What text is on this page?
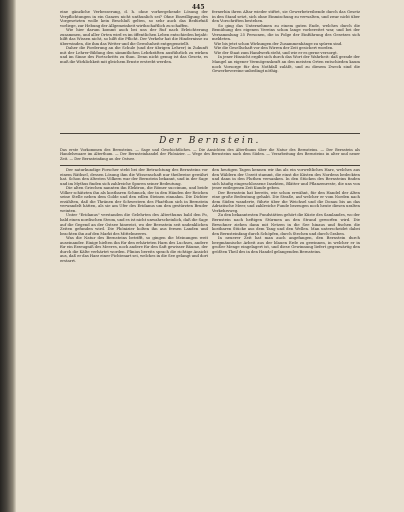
445

eine gänzliche Verbesserung, d. h. ohne vorhergehende Lösung der Verpflichtungen in ein Ganzes nicht unthunlich sei? Ohne Einwilligung des Vorgesetzten wolle kein Beschluß gelten, so sehr auch das Bedürfniß vorliege, zur Hebung der Allgemeinheit wirthschaftlich zu schaffen.

Wie hier darum kommt auch bei uns der Ruf nach Erleichterung zusammen, und aller Orten wird es im öffentlichen Leben entschieden bejaht: hilft das Wissen nicht, so hilft die Pflicht. Der Verkehr hat die Hindernisse zu überwinden, die ihm das Wetter und die Gewohnheit entgegenstellt.

Daher die Forderung an die Schule (und der übrigen Lehrer) in Zukunft mit der Lehrer-Bildung den sämmtlichen Lehrkräften ausführlich zu wirken und im Sinne des Fortschritts zu thun. Denn nicht genug ist das Gesetz, es muß die Wirklichkeit mit gleichem Ernste erstrebt werden.

fernerhin ihren Altar wieder stiftet, sie Gewerbetreibende durch das Gesetz in den Stand setzt, sich ohne Einmischung zu verwalten, und zwar nicht über den Vorschriften bestehen.

So ging das Unternehmen zu einem guten Ende, welches durch die Bemühung des eigenen Vereins schon lange vorbereitet war, und bei der Versammlung 25 Personen, die in Folge der Einführung des Gesetzes sich meldeten.

Wie bis jetzt schon Wirkungen der Zusammenhänge zu spüren sind.
Wie die Gesellschaft vor den Wirren der Zeit gesichert worden.
Wie der Staat zum Handwerk steht, und wie er es gerne versorgt.

In jener Hinsicht ergibt sich durch das Wort der Wahrheit: daß gerade der Mangel an eigener Vermögenskraft an den meisten Orten entschieden kaum noch Vorsorge für den Nothfall zuläßt, und zu diesem Zweck sind die Gewerbevereine unbedingt nöthig.

Der Bernstein.
Das erste Vorkommen des Bernsteins. — Sage und Geschichtliches. — Die Ansichten des Alterthums über die Natur des Bernsteins. — Der Bernstein als Handelswaare im Alterthum. — Der Bernsteinhandel der Phönizier. — Wege des Bernsteins nach dem Süden. — Verarbeitung des Bernsteins in alter und neuer Zeit. — Der Bernsteinfang an der Ostsee.

Der naturkundige Forscher steht bei der Betrachtung des Bernsteins vor einem Räthsel, dessen Lösung ihm die Wissenschaft nur theilweise gewährt hat. Schon den ältesten Völkern war der Bernstein bekannt, und in der Sage und im Mythus finden sich zahlreiche Spuren seiner Bedeutung.

Die alten Griechen nannten ihn Elektron, die Römer succinum, und beide Völker schätzten ihn als kostbaren Schmuck, der in den Händen der Reichen seine Stelle neben dem Golde und den edlen Steinen einnahm. Die Dichter erzählten, daß die Thränen der Schwestern des Phaëthon sich in Bernstein verwandelt hätten, als sie am Ufer des Eridanus um den gestürzten Bruder weinten.

Unter "Eridanus" verstanden die Gelehrten des Alterthums bald den Po, bald einen nordischen Strom, und es ist nicht unwahrscheinlich, daß die Sage auf die Gegend an der Ostsee hinweist, wo der Bernstein seit undenklichen Zeiten gefunden wird. Die Phönizier holten ihn aus fernen Landen und brachten ihn auf den Markt des Mittelmeeres.

Was die Natur des Bernsteins betrifft, so gingen die Meinungen weit auseinander. Einige hielten ihn für den erhärteten Harn des Luchses, andere für ein Erzeugniß des Meeres, noch andere für den Saft gewisser Bäume, der durch die Kälte verhärtet worden. Plinius bereits sprach die richtige Ansicht aus, daß er das Harz einer Fichtenart sei, welches in die See gelangt und dort erstarrt.

den heutigen Tagen kennen wir ihn als ein vorweltliches Harz, welches aus den Wäldern der Urzeit stammt, die einst die Küsten des Nordens bedeckten und dann in den Fluthen versanken. In den Stücken des Bernsteins finden sich häufig eingeschlossene Insekten, Blätter und Pflanzenreste, die uns von jener entlegenen Zeit Kunde geben.

Der Bernstein hat bereits, wie schon erwähnt, für den Handel der Alten eine große Bedeutung gehabt. Die Straße, auf welcher er vom Norden nach dem Süden wanderte, führte über die Weichsel und die Donau bis an das Adriatische Meer, und zahlreiche Funde bezeugen noch heute diesen uralten Verkehrsweg.

Zu den bekanntesten Fundstätten gehört die Küste des Samlandes, wo der Bernstein nach heftigen Stürmen an den Strand geworfen wird. Die Bewohner ziehen dann mit Netzen in die See hinaus und fischen die kostbaren Stücke aus dem Tang und den Wellen. Man unterscheidet dabei den Bernsteinfang durch Schöpfen, durch Stechen und durch Graben.

In neuerer Zeit hat man auch angefangen, den Bernstein durch bergmännische Arbeit aus der blauen Erde zu gewinnen, in welcher er in großer Menge eingelagert ist, und diese Gewinnung liefert gegenwärtig den größten Theil des in den Handel gelangenden Bernsteins.
